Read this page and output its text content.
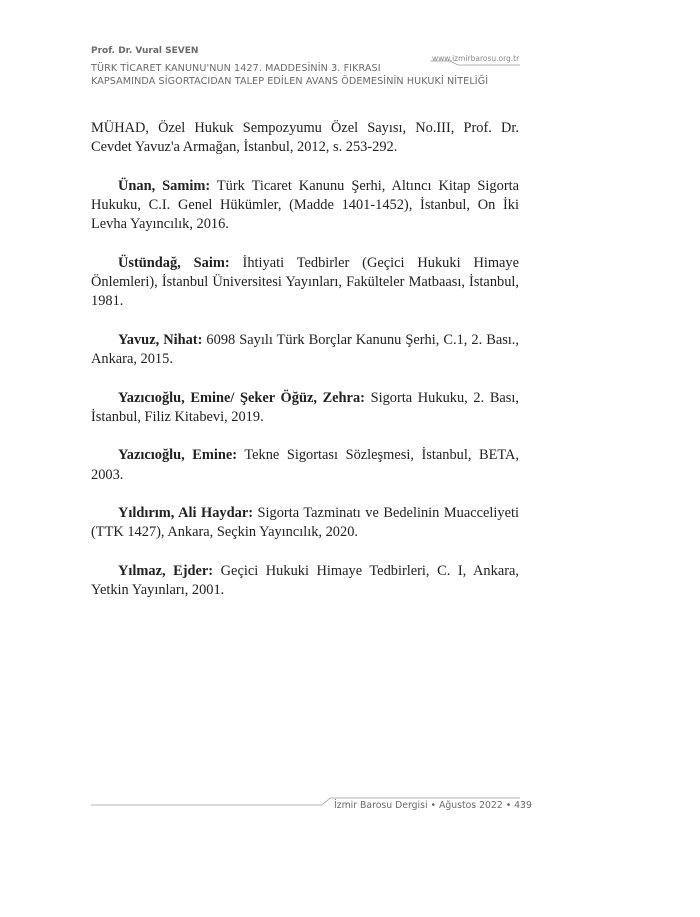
Prof. Dr. Vural SEVEN
www.izmirbarosu.org.tr
TÜRK TİCARET KANUNU'NUN 1427. MADDESİNİN 3. FIKRASI
KAPSAMINDA SİGORTACIDAN TALEP EDİLEN AVANS ÖDEMESİNİN HUKUKİ NİTELİĞİ

MÜHAD, Özel Hukuk Sempozyumu Özel Sayısı, No.III, Prof. Dr. Cevdet Yavuz'a Armağan, İstanbul, 2012, s. 253-292.

Ünan, Samim: Türk Ticaret Kanunu Şerhi, Altıncı Kitap Sigorta Hukuku, C.I. Genel Hükümler, (Madde 1401-1452), İstanbul, On İki Levha Yayıncılık, 2016.

Üstündağ, Saim: İhtiyati Tedbirler (Geçici Hukuki Himaye Önlemleri), İstanbul Üniversitesi Yayınları, Fakülteler Matbaası, İstanbul, 1981.

Yavuz, Nihat: 6098 Sayılı Türk Borçlar Kanunu Şerhi, C.1, 2. Bası., Ankara, 2015.

Yazıcıoğlu, Emine/ Şeker Öğüz, Zehra: Sigorta Hukuku, 2. Bası, İstanbul, Filiz Kitabevi, 2019.

Yazıcıoğlu, Emine: Tekne Sigortası Sözleşmesi, İstanbul, BETA, 2003.

Yıldırım, Ali Haydar: Sigorta Tazminatı ve Bedelinin Muacceliyeti (TTK 1427), Ankara, Seçkin Yayıncılık, 2020.

Yılmaz, Ejder: Geçici Hukuki Himaye Tedbirleri, C. I, Ankara, Yetkin Yayınları, 2001.

İzmir Barosu Dergisi • Ağustos 2022 • 439
